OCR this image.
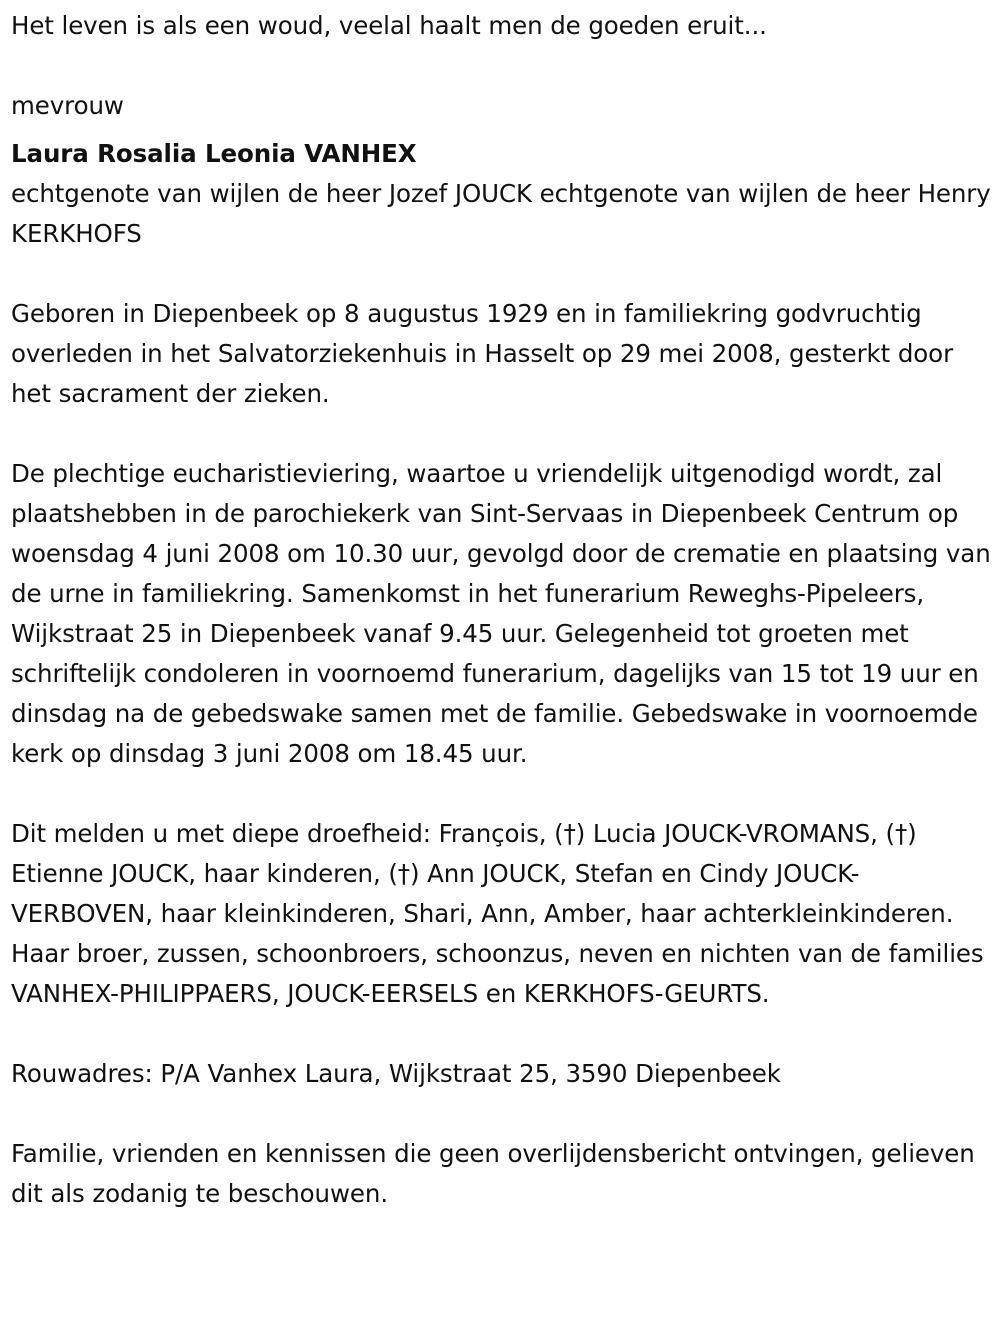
Het leven is als een woud, veelal haalt men de goeden eruit...

mevrouw

Laura Rosalia Leonia VANHEX

echtgenote van wijlen de heer Jozef JOUCK echtgenote van wijlen de heer Henry KERKHOFS

Geboren in Diepenbeek op 8 augustus 1929 en in familiekring godvruchtig overleden in het Salvatorziekenhuis in Hasselt op 29 mei 2008, gesterkt door het sacrament der zieken.

De plechtige eucharistieviering, waartoe u vriendelijk uitgenodigd wordt, zal plaatshebben in de parochiekerk van Sint-Servaas in Diepenbeek Centrum op woensdag 4 juni 2008 om 10.30 uur, gevolgd door de crematie en plaatsing van de urne in familiekring. Samenkomst in het funerarium Reweghs-Pipeleers, Wijkstraat 25 in Diepenbeek vanaf 9.45 uur. Gelegenheid tot groeten met schriftelijk condoleren in voornoemd funerarium, dagelijks van 15 tot 19 uur en dinsdag na de gebedswake samen met de familie. Gebedswake in voornoemde kerk op dinsdag 3 juni 2008 om 18.45 uur.

Dit melden u met diepe droefheid: François, (†) Lucia JOUCK-VROMANS, (†) Etienne JOUCK, haar kinderen, (†) Ann JOUCK, Stefan en Cindy JOUCK-VERBOVEN, haar kleinkinderen, Shari, Ann, Amber, haar achterkleinkinderen. Haar broer, zussen, schoonbroers, schoonzus, neven en nichten van de families VANHEX-PHILIPPAERS, JOUCK-EERSELS en KERKHOFS-GEURTS.

Rouwadres: P/A Vanhex Laura, Wijkstraat 25, 3590 Diepenbeek

Familie, vrienden en kennissen die geen overlijdensbericht ontvingen, gelieven dit als zodanig te beschouwen.
